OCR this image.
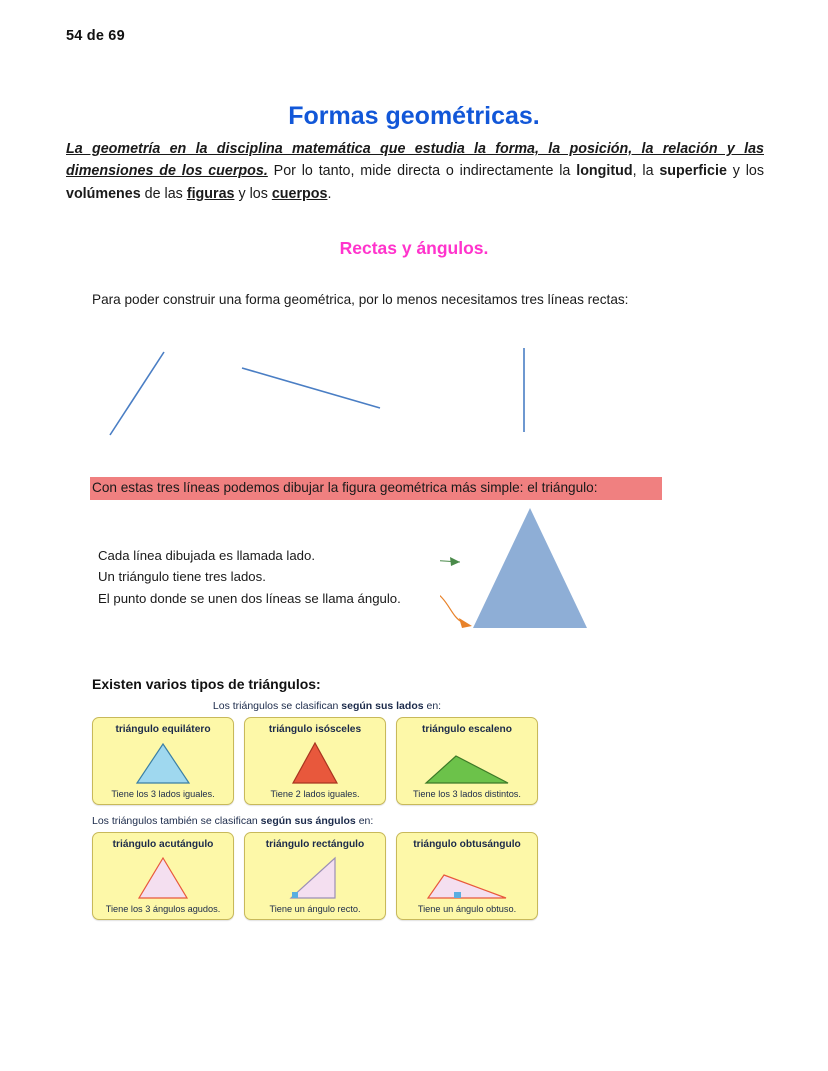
54 de 69
Formas geométricas.
La geometría en la disciplina matemática que estudia la forma, la posición, la relación y las dimensiones de los cuerpos. Por lo tanto, mide directa o indirectamente la longitud, la superficie y los volúmenes de las figuras y los cuerpos.
Rectas y ángulos.
Para poder construir una forma geométrica, por lo menos necesitamos tres líneas rectas:
Con estas tres líneas podemos dibujar la figura geométrica más simple: el triángulo:
Cada línea dibujada es llamada lado.
Un triángulo tiene tres lados.
El punto donde se unen dos líneas se llama ángulo.
Existen varios tipos de triángulos:
Los triángulos se clasifican según sus lados en:
triángulo equilátero
Tiene los 3 lados iguales.
triángulo isósceles
Tiene 2 lados iguales.
triángulo escaleno
Tiene los 3 lados distintos.
Los triángulos también se clasifican según sus ángulos en:
triángulo acutángulo
Tiene los 3 ángulos agudos.
triángulo rectángulo
Tiene un ángulo recto.
triángulo obtusángulo
Tiene un ángulo obtuso.
